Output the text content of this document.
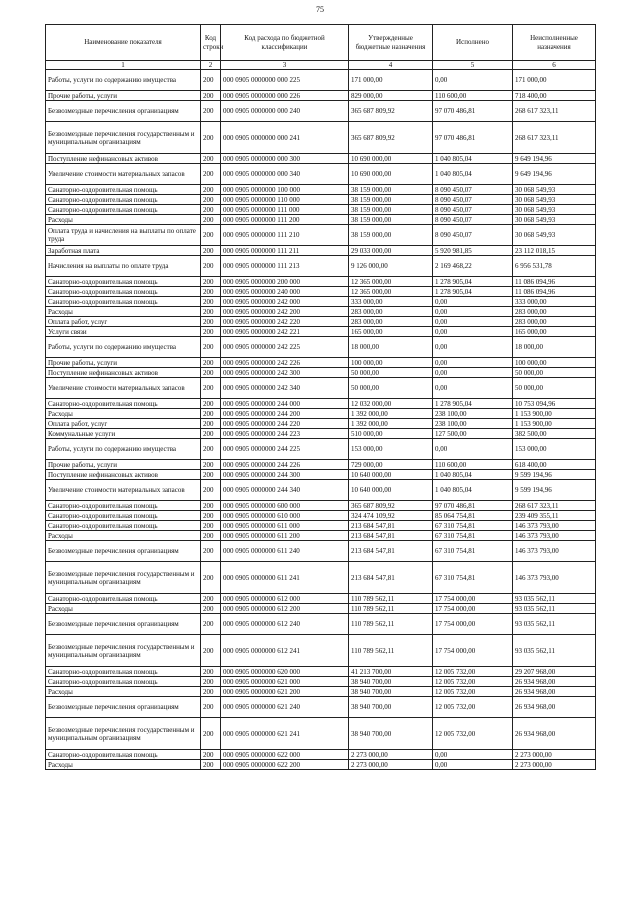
75
Наименование показателя	Код строки	Код расхода по бюджетной классификации	Утвержденные бюджетные назначения	Исполнено	Неисполненные назначения
1	2	3	4	5	6
Работы, услуги по содержанию имущества	200	000 0905 0000000 000 225	171 000,00	0,00	171 000,00
Прочие работы, услуги	200	000 0905 0000000 000 226	829 000,00	110 600,00	718 400,00
Безвозмездные перечисления организациям	200	000 0905 0000000 000 240	365 687 809,92	97 070 486,81	268 617 323,11
Безвозмездные перечисления государственным и муниципальным организациям	200	000 0905 0000000 000 241	365 687 809,92	97 070 486,81	268 617 323,11
Поступление нефинансовых активов	200	000 0905 0000000 000 300	10 690 000,00	1 040 805,04	9 649 194,96
Увеличение стоимости материальных запасов	200	000 0905 0000000 000 340	10 690 000,00	1 040 805,04	9 649 194,96
Санаторно-оздоровительная помощь	200	000 0905 0000000 100 000	38 159 000,00	8 090 450,07	30 068 549,93
Санаторно-оздоровительная помощь	200	000 0905 0000000 110 000	38 159 000,00	8 090 450,07	30 068 549,93
Санаторно-оздоровительная помощь	200	000 0905 0000000 111 000	38 159 000,00	8 090 450,07	30 068 549,93
Расходы	200	000 0905 0000000 111 200	38 159 000,00	8 090 450,07	30 068 549,93
Оплата труда и начисления на выплаты по оплате труда	200	000 0905 0000000 111 210	38 159 000,00	8 090 450,07	30 068 549,93
Заработная плата	200	000 0905 0000000 111 211	29 033 000,00	5 920 981,85	23 112 018,15
Начисления на выплаты по оплате труда	200	000 0905 0000000 111 213	9 126 000,00	2 169 468,22	6 956 531,78
Санаторно-оздоровительная помощь	200	000 0905 0000000 200 000	12 365 000,00	1 278 905,04	11 086 094,96
Санаторно-оздоровительная помощь	200	000 0905 0000000 240 000	12 365 000,00	1 278 905,04	11 086 094,96
Санаторно-оздоровительная помощь	200	000 0905 0000000 242 000	333 000,00	0,00	333 000,00
Расходы	200	000 0905 0000000 242 200	283 000,00	0,00	283 000,00
Оплата работ, услуг	200	000 0905 0000000 242 220	283 000,00	0,00	283 000,00
Услуги связи	200	000 0905 0000000 242 221	165 000,00	0,00	165 000,00
Работы, услуги по содержанию имущества	200	000 0905 0000000 242 225	18 000,00	0,00	18 000,00
Прочие работы, услуги	200	000 0905 0000000 242 226	100 000,00	0,00	100 000,00
Поступление нефинансовых активов	200	000 0905 0000000 242 300	50 000,00	0,00	50 000,00
Увеличение стоимости материальных запасов	200	000 0905 0000000 242 340	50 000,00	0,00	50 000,00
Санаторно-оздоровительная помощь	200	000 0905 0000000 244 000	12 032 000,00	1 278 905,04	10 753 094,96
Расходы	200	000 0905 0000000 244 200	1 392 000,00	238 100,00	1 153 900,00
Оплата работ, услуг	200	000 0905 0000000 244 220	1 392 000,00	238 100,00	1 153 900,00
Коммунальные услуги	200	000 0905 0000000 244 223	510 000,00	127 500,00	382 500,00
Работы, услуги по содержанию имущества	200	000 0905 0000000 244 225	153 000,00	0,00	153 000,00
Прочие работы, услуги	200	000 0905 0000000 244 226	729 000,00	110 600,00	618 400,00
Поступление нефинансовых активов	200	000 0905 0000000 244 300	10 640 000,00	1 040 805,04	9 599 194,96
Увеличение стоимости материальных запасов	200	000 0905 0000000 244 340	10 640 000,00	1 040 805,04	9 599 194,96
Санаторно-оздоровительная помощь	200	000 0905 0000000 600 000	365 687 809,92	97 070 486,81	268 617 323,11
Санаторно-оздоровительная помощь	200	000 0905 0000000 610 000	324 474 109,92	85 064 754,81	239 409 355,11
Санаторно-оздоровительная помощь	200	000 0905 0000000 611 000	213 684 547,81	67 310 754,81	146 373 793,00
Расходы	200	000 0905 0000000 611 200	213 684 547,81	67 310 754,81	146 373 793,00
Безвозмездные перечисления организациям	200	000 0905 0000000 611 240	213 684 547,81	67 310 754,81	146 373 793,00
Безвозмездные перечисления государственным и муниципальным организациям	200	000 0905 0000000 611 241	213 684 547,81	67 310 754,81	146 373 793,00
Санаторно-оздоровительная помощь	200	000 0905 0000000 612 000	110 789 562,11	17 754 000,00	93 035 562,11
Расходы	200	000 0905 0000000 612 200	110 789 562,11	17 754 000,00	93 035 562,11
Безвозмездные перечисления организациям	200	000 0905 0000000 612 240	110 789 562,11	17 754 000,00	93 035 562,11
Безвозмездные перечисления государственным и муниципальным организациям	200	000 0905 0000000 612 241	110 789 562,11	17 754 000,00	93 035 562,11
Санаторно-оздоровительная помощь	200	000 0905 0000000 620 000	41 213 700,00	12 005 732,00	29 207 968,00
Санаторно-оздоровительная помощь	200	000 0905 0000000 621 000	38 940 700,00	12 005 732,00	26 934 968,00
Расходы	200	000 0905 0000000 621 200	38 940 700,00	12 005 732,00	26 934 968,00
Безвозмездные перечисления организациям	200	000 0905 0000000 621 240	38 940 700,00	12 005 732,00	26 934 968,00
Безвозмездные перечисления государственным и муниципальным организациям	200	000 0905 0000000 621 241	38 940 700,00	12 005 732,00	26 934 968,00
Санаторно-оздоровительная помощь	200	000 0905 0000000 622 000	2 273 000,00	0,00	2 273 000,00
Расходы	200	000 0905 0000000 622 200	2 273 000,00	0,00	2 273 000,00
